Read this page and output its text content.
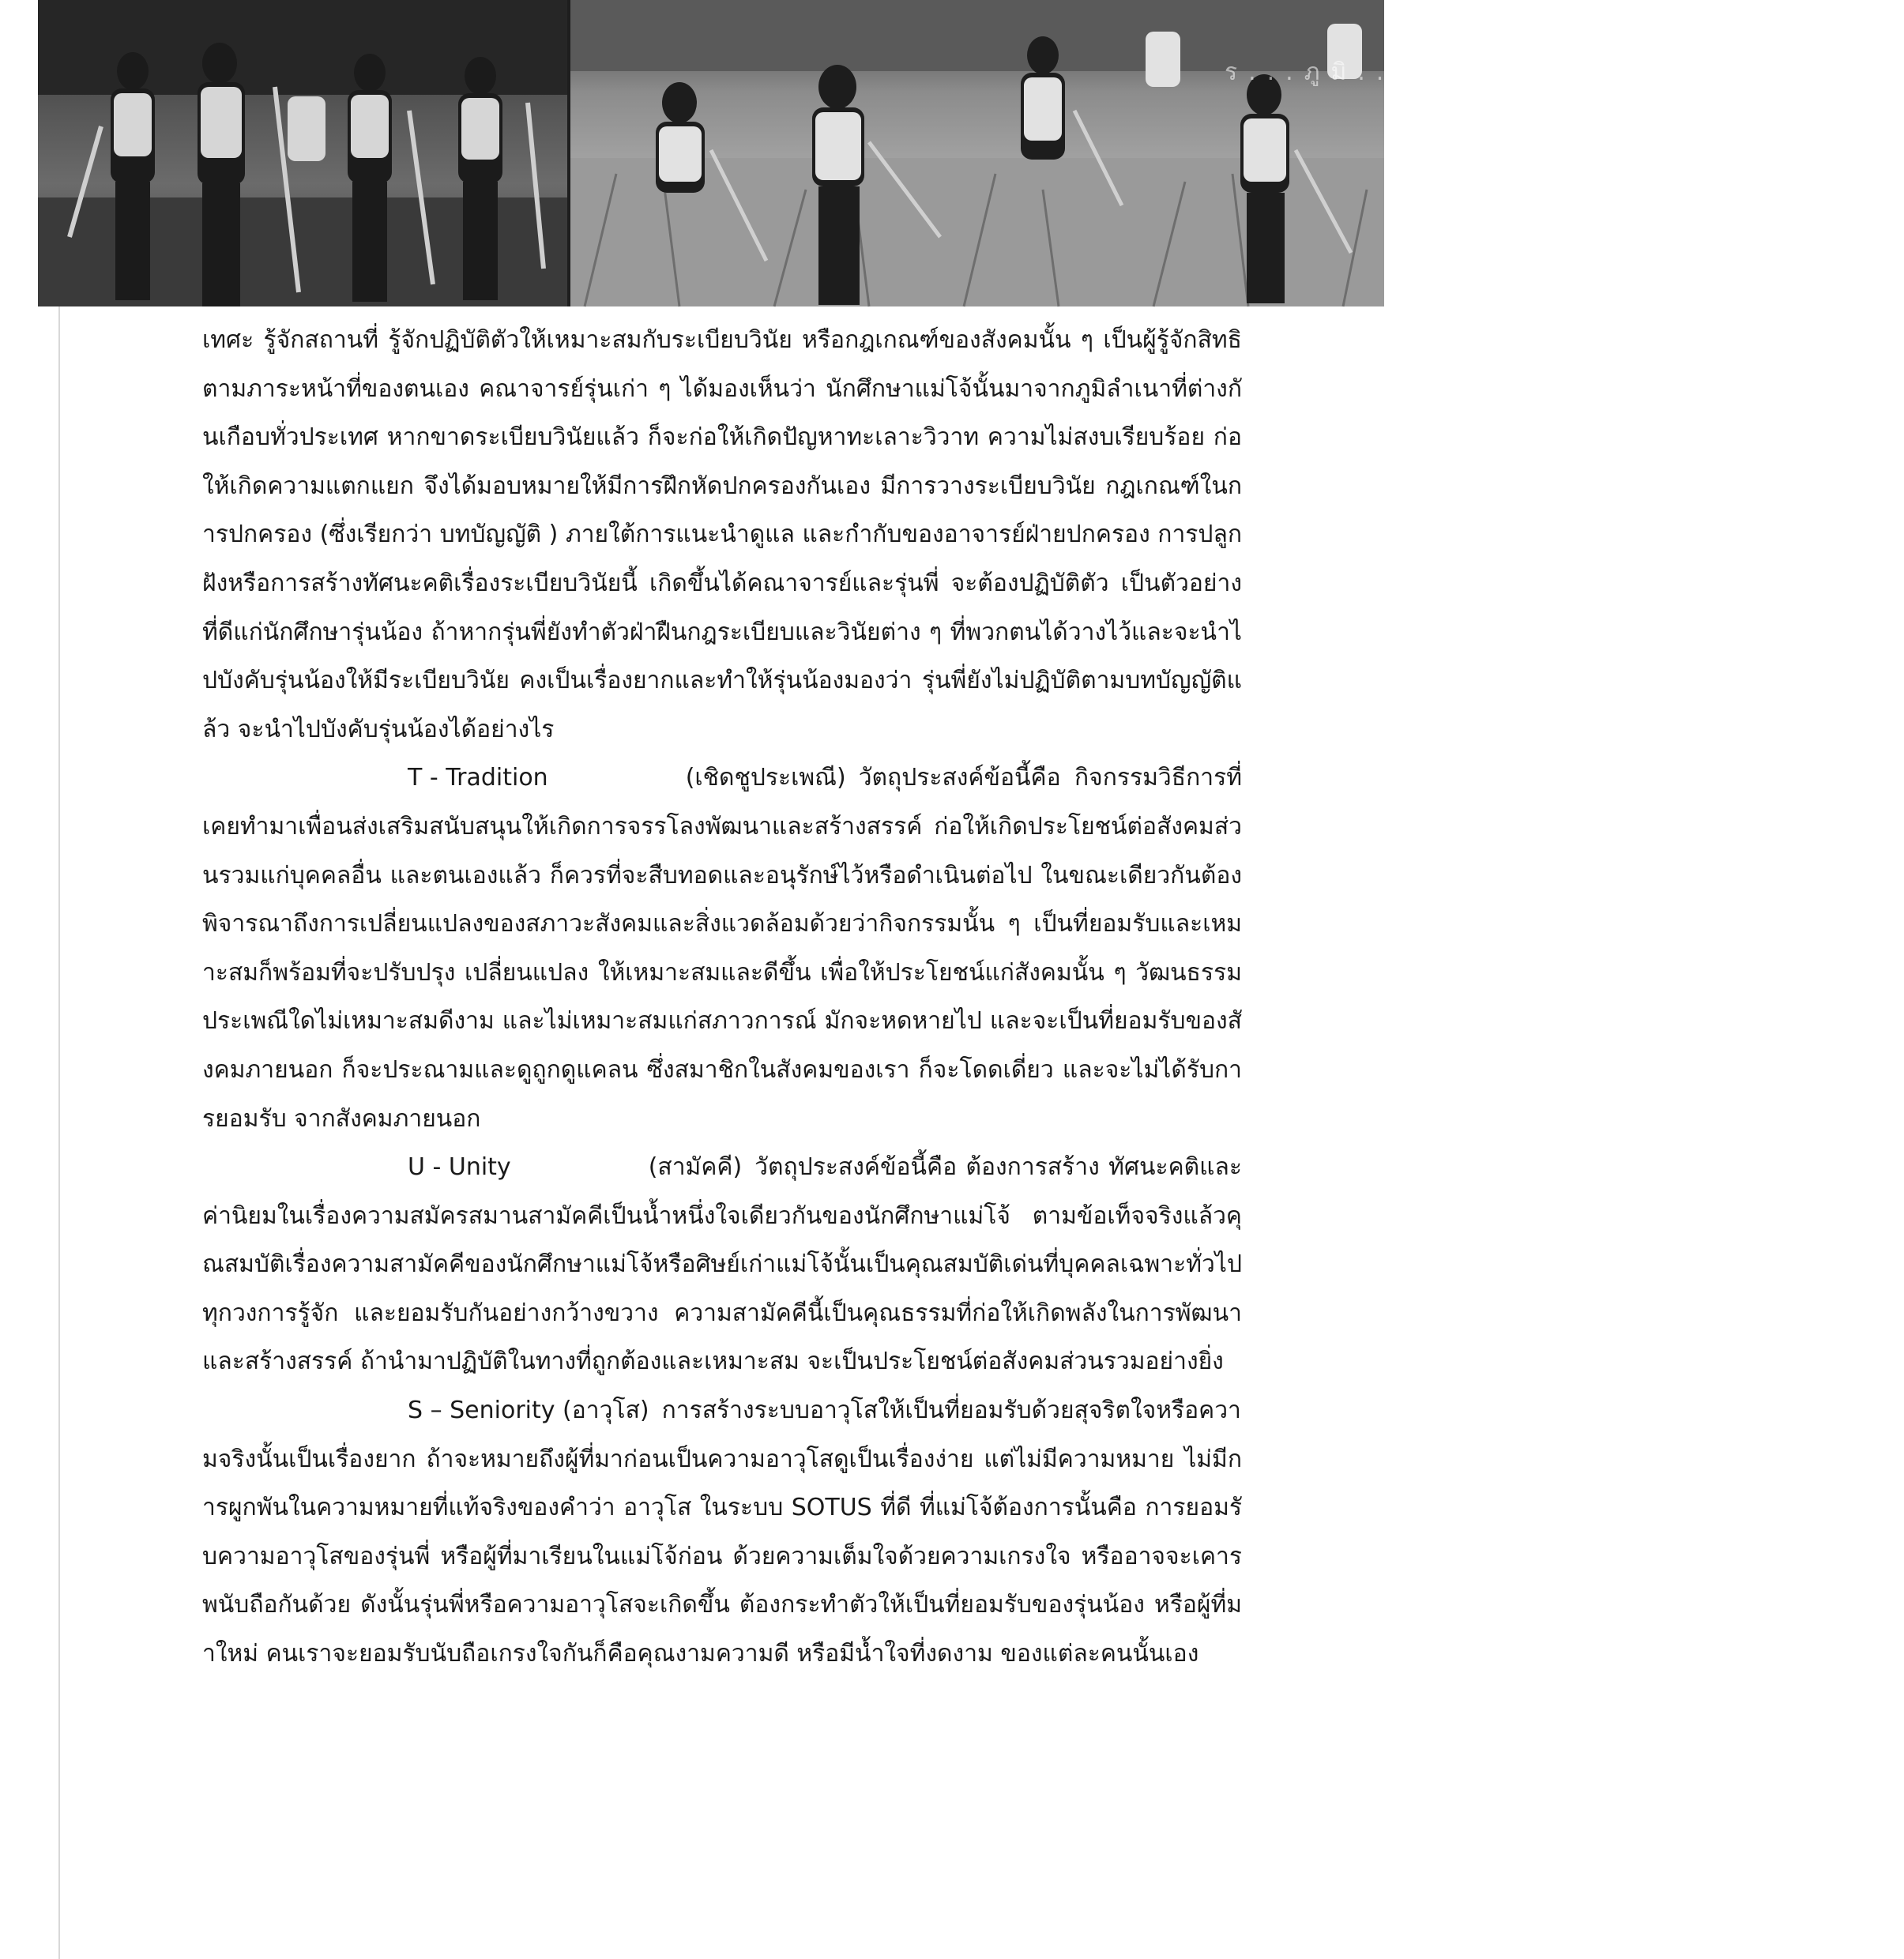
ร...ภูมิ...อก...อ..ประ..องคสืบส

เทศะ รู้จักสถานที่ รู้จักปฏิบัติตัวให้เหมาะสมกับระเบียบวินัย หรือกฎเกณฑ์ของสังคมนั้น ๆ เป็นผู้รู้จักสิทธิตามภาระหน้าที่ของตนเอง คณาจารย์รุ่นเก่า ๆ ได้มองเห็นว่า นักศึกษาแม่โจ้นั้นมาจากภูมิลำเนาที่ต่างกันเกือบทั่วประเทศ หากขาดระเบียบวินัยแล้ว ก็จะก่อให้เกิดปัญหาทะเลาะวิวาท ความไม่สงบเรียบร้อย ก่อให้เกิดความแตกแยก จึงได้มอบหมายให้มีการฝึกหัดปกครองกันเอง มีการวางระเบียบวินัย กฎเกณฑ์ในการปกครอง (ซึ่งเรียกว่า บทบัญญัติ ) ภายใต้การแนะนำดูแล และกำกับของอาจารย์ฝ่ายปกครอง การปลูกฝังหรือการสร้างทัศนะคติเรื่องระเบียบวินัยนี้ เกิดขึ้นได้คณาจารย์และรุ่นพี่ จะต้องปฏิบัติตัว เป็นตัวอย่างที่ดีแก่นักศึกษารุ่นน้อง ถ้าหากรุ่นพี่ยังทำตัวฝ่าฝืนกฎระเบียบและวินัยต่าง ๆ ที่พวกตนได้วางไว้และจะนำไปบังคับรุ่นน้องให้มีระเบียบวินัย คงเป็นเรื่องยากและทำให้รุ่นน้องมองว่า รุ่นพี่ยังไม่ปฏิบัติตามบทบัญญัติแล้ว จะนำไปบังคับรุ่นน้องได้อย่างไร

T - Tradition	(เชิดชูประเพณี) วัตถุประสงค์ข้อนี้คือ กิจกรรมวิธีการที่เคยทำมาเพื่อนส่งเสริมสนับสนุนให้เกิดการจรรโลงพัฒนาและสร้างสรรค์ ก่อให้เกิดประโยชน์ต่อสังคมส่วนรวมแก่บุคคลอื่น และตนเองแล้ว ก็ควรที่จะสืบทอดและอนุรักษ์ไว้หรือดำเนินต่อไป ในขณะเดียวกันต้องพิจารณาถึงการเปลี่ยนแปลงของสภาวะสังคมและสิ่งแวดล้อมด้วยว่ากิจกรรมนั้น ๆ เป็นที่ยอมรับและเหมาะสมก็พร้อมที่จะปรับปรุง เปลี่ยนแปลง ให้เหมาะสมและดีขึ้น เพื่อให้ประโยชน์แก่สังคมนั้น ๆ วัฒนธรรมประเพณีใดไม่เหมาะสมดีงาม และไม่เหมาะสมแก่สภาวการณ์ มักจะหดหายไป และจะเป็นที่ยอมรับของสังคมภายนอก ก็จะประณามและดูถูกดูแคลน ซึ่งสมาชิกในสังคมของเรา ก็จะโดดเดี่ยว และจะไม่ได้รับการยอมรับ จากสังคมภายนอก

U - Unity	(สามัคคี) วัตถุประสงค์ข้อนี้คือ ต้องการสร้าง ทัศนะคติและค่านิยมในเรื่องความสมัครสมานสามัคคีเป็นน้ำหนึ่งใจเดียวกันของนักศึกษาแม่โจ้ ตามข้อเท็จจริงแล้วคุณสมบัติเรื่องความสามัคคีของนักศึกษาแม่โจ้หรือศิษย์เก่าแม่โจ้นั้นเป็นคุณสมบัติเด่นที่บุคคลเฉพาะทั่วไป ทุกวงการรู้จัก และยอมรับกันอย่างกว้างขวาง ความสามัคคีนี้เป็นคุณธรรมที่ก่อให้เกิดพลังในการพัฒนา และสร้างสรรค์ ถ้านำมาปฏิบัติในทางที่ถูกต้องและเหมาะสม จะเป็นประโยชน์ต่อสังคมส่วนรวมอย่างยิ่ง

S – Seniority (อาวุโส) การสร้างระบบอาวุโสให้เป็นที่ยอมรับด้วยสุจริตใจหรือความจริงนั้นเป็นเรื่องยาก ถ้าจะหมายถึงผู้ที่มาก่อนเป็นความอาวุโสดูเป็นเรื่องง่าย แต่ไม่มีความหมาย ไม่มีการผูกพันในความหมายที่แท้จริงของคำว่า อาวุโส ในระบบ SOTUS ที่ดี ที่แม่โจ้ต้องการนั้นคือ การยอมรับความอาวุโสของรุ่นพี่ หรือผู้ที่มาเรียนในแม่โจ้ก่อน ด้วยความเต็มใจด้วยความเกรงใจ หรืออาจจะเคารพนับถือกันด้วย ดังนั้นรุ่นพี่หรือความอาวุโสจะเกิดขึ้น ต้องกระทำตัวให้เป็นที่ยอมรับของรุ่นน้อง หรือผู้ที่มาใหม่ คนเราจะยอมรับนับถือเกรงใจกันก็คือคุณงามความดี หรือมีน้ำใจที่งดงาม ของแต่ละคนนั้นเอง
